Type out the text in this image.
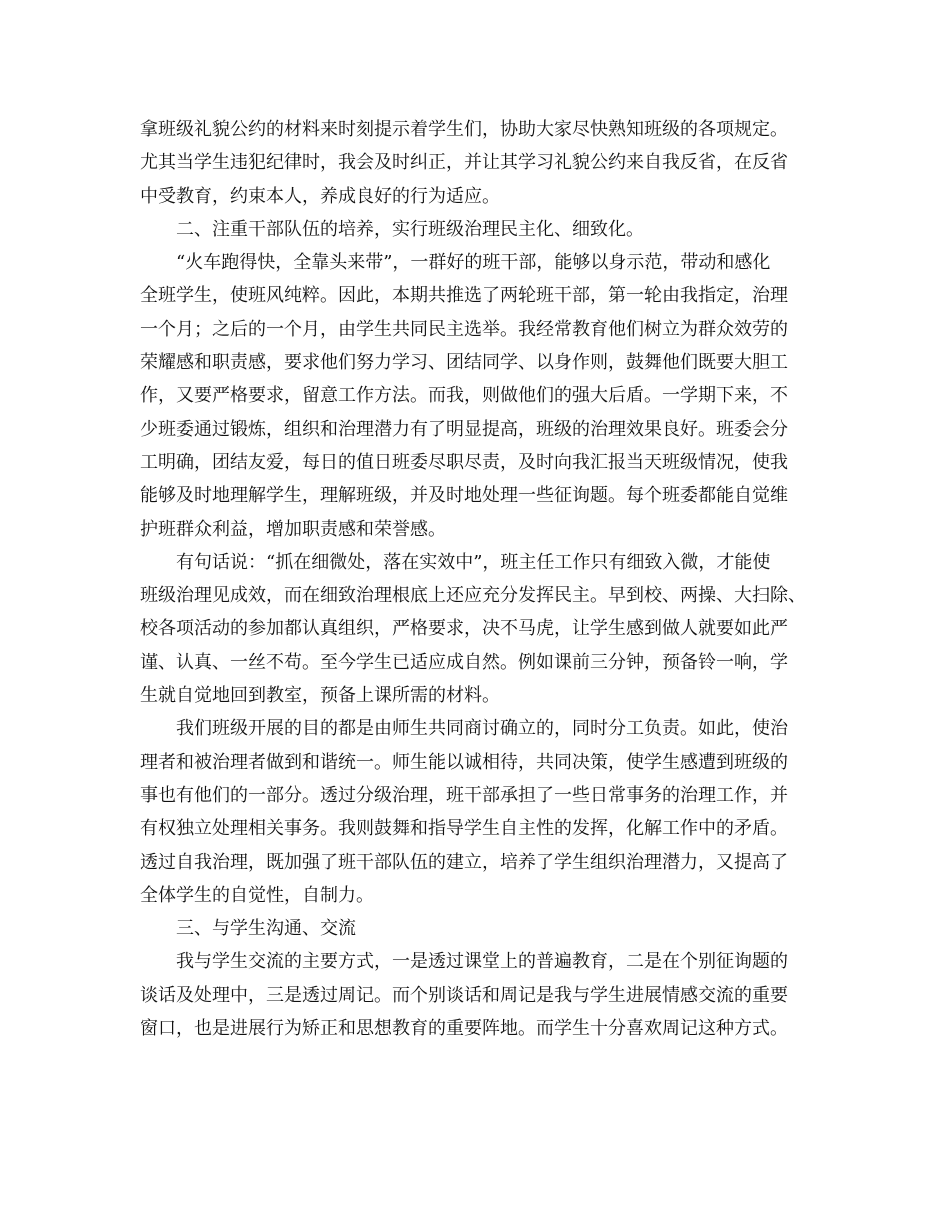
拿班级礼貌公约的材料来时刻提示着学生们，协助大家尽快熟知班级的各项规定。
尤其当学生违犯纪律时，我会及时纠正，并让其学习礼貌公约来自我反省，在反省
中受教育，约束本人，养成良好的行为适应。
二、注重干部队伍的培养，实行班级治理民主化、细致化。
“火车跑得快，全靠头来带”，一群好的班干部，能够以身示范，带动和感化
全班学生，使班风纯粹。因此，本期共推选了两轮班干部，第一轮由我指定，治理
一个月；之后的一个月，由学生共同民主选举。我经常教育他们树立为群众效劳的
荣耀感和职责感，要求他们努力学习、团结同学、以身作则，鼓舞他们既要大胆工
作，又要严格要求，留意工作方法。而我，则做他们的强大后盾。一学期下来，不
少班委通过锻炼，组织和治理潜力有了明显提高，班级的治理效果良好。班委会分
工明确，团结友爱，每日的值日班委尽职尽责，及时向我汇报当天班级情况，使我
能够及时地理解学生，理解班级，并及时地处理一些征询题。每个班委都能自觉维
护班群众利益，增加职责感和荣誉感。
有句话说：“抓在细微处，落在实效中”，班主任工作只有细致入微，才能使
班级治理见成效，而在细致治理根底上还应充分发挥民主。早到校、两操、大扫除、
校各项活动的参加都认真组织，严格要求，决不马虎，让学生感到做人就要如此严
谨、认真、一丝不苟。至今学生已适应成自然。例如课前三分钟，预备铃一响，学
生就自觉地回到教室，预备上课所需的材料。
我们班级开展的目的都是由师生共同商讨确立的，同时分工负责。如此，使治
理者和被治理者做到和谐统一。师生能以诚相待，共同决策，使学生感遭到班级的
事也有他们的一部分。透过分级治理，班干部承担了一些日常事务的治理工作，并
有权独立处理相关事务。我则鼓舞和指导学生自主性的发挥，化解工作中的矛盾。
透过自我治理，既加强了班干部队伍的建立，培养了学生组织治理潜力，又提高了
全体学生的自觉性，自制力。
三、与学生沟通、交流
我与学生交流的主要方式，一是透过课堂上的普遍教育，二是在个别征询题的
谈话及处理中，三是透过周记。而个别谈话和周记是我与学生进展情感交流的重要
窗口，也是进展行为矫正和思想教育的重要阵地。而学生十分喜欢周记这种方式。
